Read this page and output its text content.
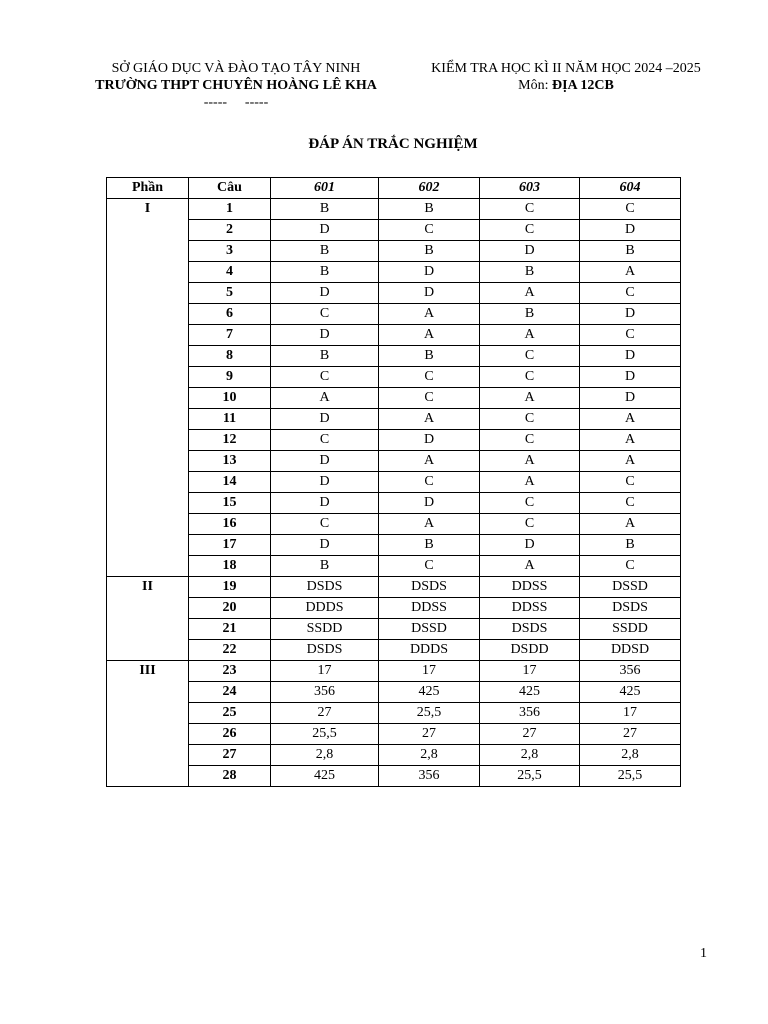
SỞ GIÁO DỤC VÀ ĐÀO TẠO TÂY NINH
TRƯỜNG THPT CHUYÊN HOÀNG LÊ KHA
----- -----
KIỂM TRA HỌC KÌ II NĂM HỌC 2024 –2025
Môn: ĐỊA 12CB
ĐÁP ÁN TRẮC NGHIỆM
Phần	Câu	601	602	603	604
I	1	B	B	C	C
	2	D	C	C	D
	3	B	B	D	B
	4	B	D	B	A
	5	D	D	A	C
	6	C	A	B	D
	7	D	A	A	C
	8	B	B	C	D
	9	C	C	C	D
	10	A	C	A	D
	11	D	A	C	A
	12	C	D	C	A
	13	D	A	A	A
	14	D	C	A	C
	15	D	D	C	C
	16	C	A	C	A
	17	D	B	D	B
	18	B	C	A	C
II	19	DSDS	DSDS	DDSS	DSSD
	20	DDDS	DDSS	DDSS	DSDS
	21	SSDD	DSSD	DSDS	SSDD
	22	DSDS	DDDS	DSDD	DDSD
III	23	17	17	17	356
	24	356	425	425	425
	25	27	25,5	356	17
	26	25,5	27	27	27
	27	2,8	2,8	2,8	2,8
	28	425	356	25,5	25,5
1
